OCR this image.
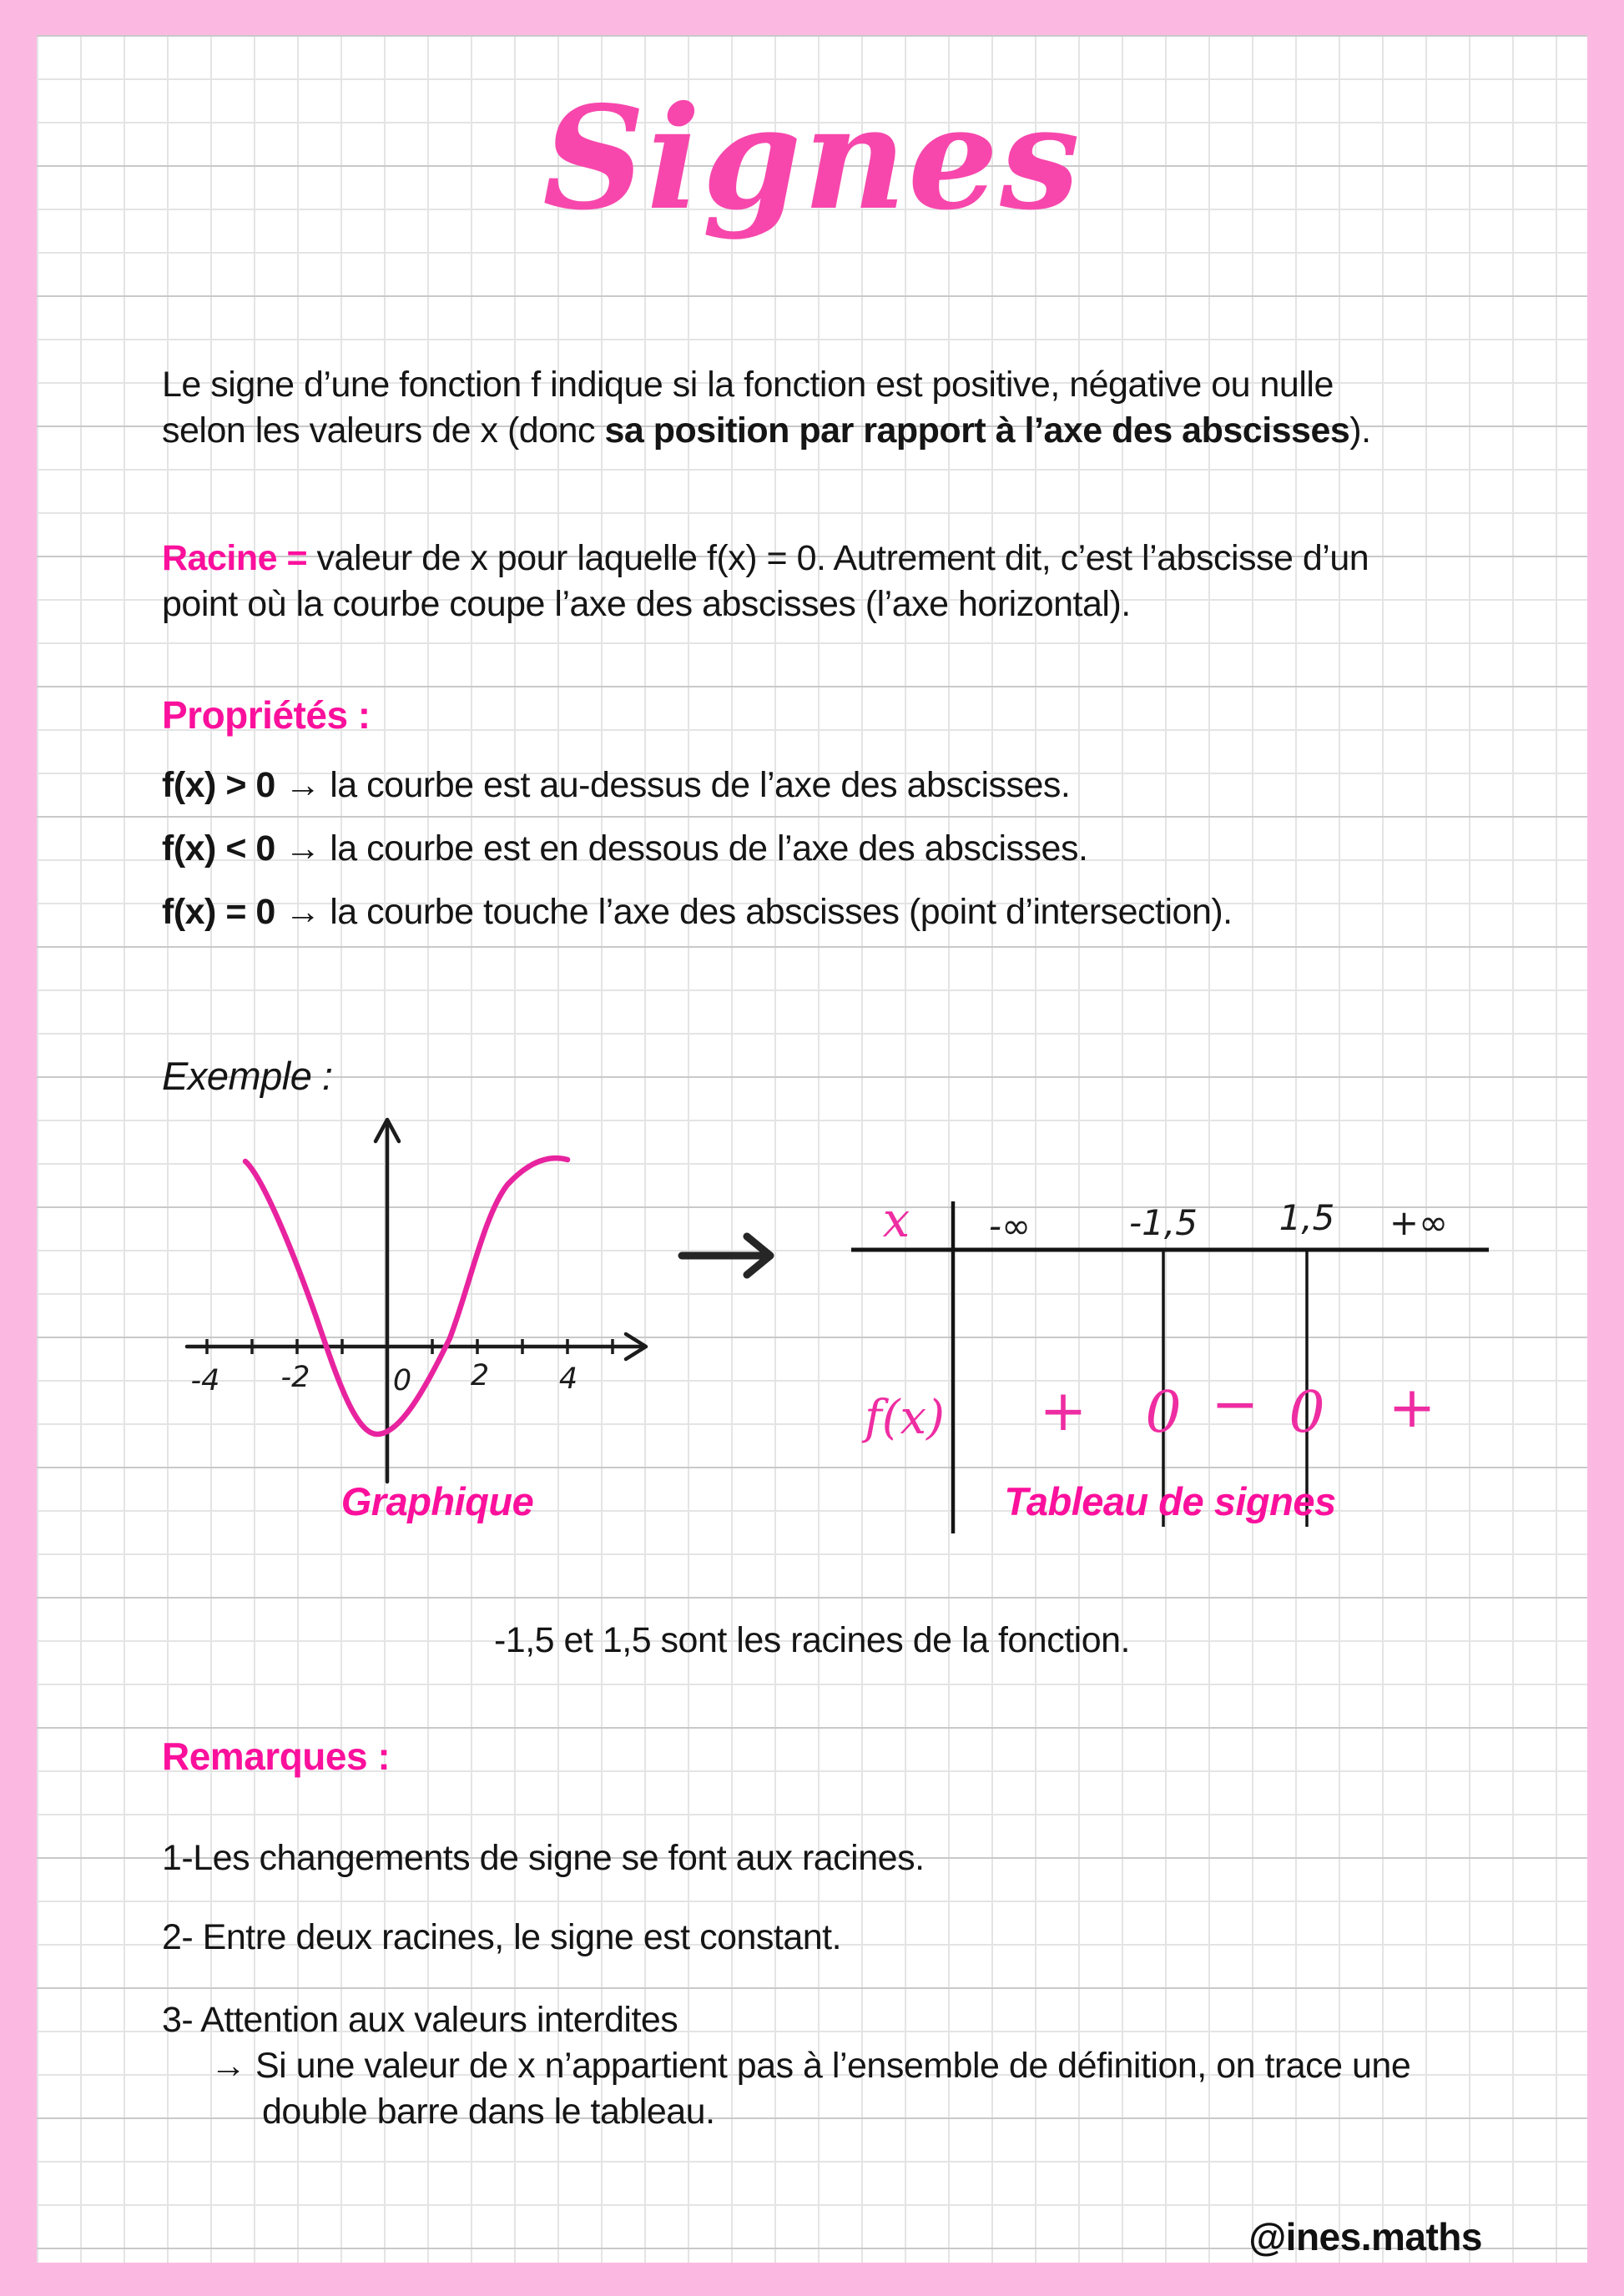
Signes

Le signe d’une fonction f indique si la fonction est positive, négative ou nulle
selon les valeurs de x (donc sa position par rapport à l’axe des abscisses).

Racine = valeur de x pour laquelle f(x) = 0. Autrement dit, c’est l’abscisse d’un
point où la courbe coupe l’axe des abscisses (l’axe horizontal).

Propriétés :

f(x) > 0 → la courbe est au-dessus de l’axe des abscisses.

f(x) < 0 → la courbe est en dessous de l’axe des abscisses.

f(x) = 0 → la courbe touche l’axe des abscisses (point d’intersection).

Exemple :

-4 -2	0 2 4
x -∞	-1,5 1,5 +∞
f(x) + 0 − 0 +
Graphique	Tableau de signes

-1,5 et 1,5 sont les racines de la fonction.

Remarques :

1-Les changements de signe se font aux racines.

2- Entre deux racines, le signe est constant.

3- Attention aux valeurs interdites
→ Si une valeur de x n’appartient pas à l’ensemble de définition, on trace une
double barre dans le tableau.
@ines.maths
